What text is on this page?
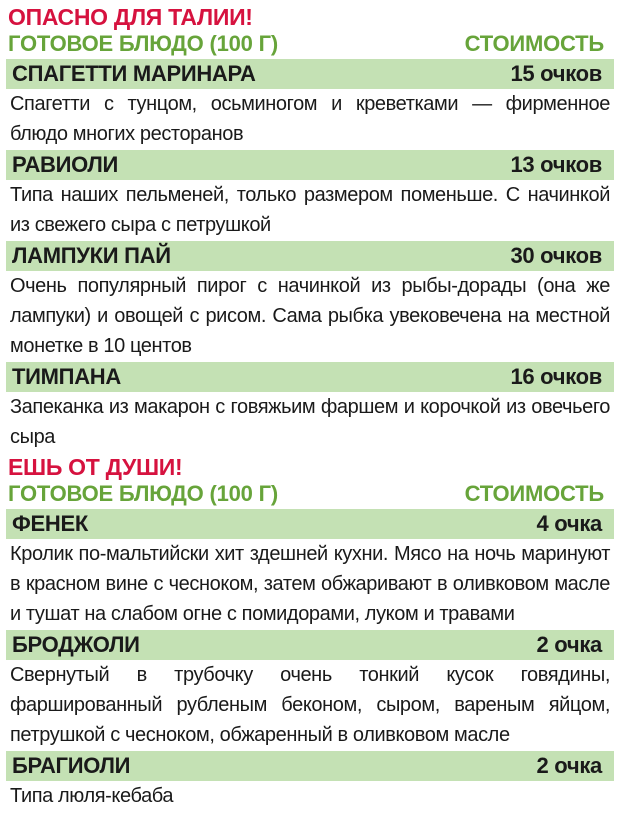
ОПАСНО ДЛЯ ТАЛИИ!
ГОТОВОЕ БЛЮДО (100 Г)	СТОИМОСТЬ
СПАГЕТТИ МАРИНАРА	15 очков
Спагетти с тунцом, осьминогом и креветками — фирменное блюдо многих ресторанов
РАВИОЛИ	13 очков
Типа наших пельменей, только размером поменьше. С начинкой из свежего сыра с петрушкой
ЛАМПУКИ ПАЙ	30 очков
Очень популярный пирог с начинкой из рыбы-дорады (она же лампуки) и овощей с рисом. Сама рыбка увековечена на местной монетке в 10 центов
ТИМПАНА	16 очков
Запеканка из макарон с говяжьим фаршем и корочкой из овечьего сыра
ЕШЬ ОТ ДУШИ!
ГОТОВОЕ БЛЮДО (100 Г)	СТОИМОСТЬ
ФЕНЕК	4 очка
Кролик по-мальтийски хит здешней кухни. Мясо на ночь маринуют в красном вине с чесноком, затем обжаривают в оливковом масле и тушат на слабом огне с помидорами, луком и травами
БРОДЖОЛИ	2 очка
Свернутый в трубочку очень тонкий кусок говядины, фаршированный рубленым беконом, сыром, вареным яйцом, петрушкой с чесноком, обжаренный в оливковом масле
БРАГИОЛИ	2 очка
Типа люля-кебаба
